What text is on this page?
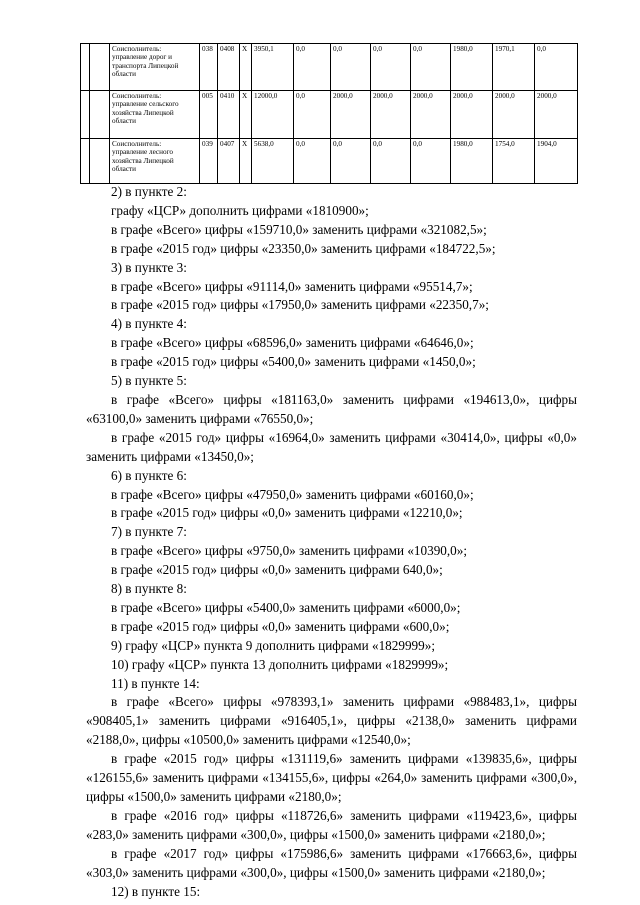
		Соисполнитель: управление дорог и транспорта Липецкой области	038	0408	X	3950,1	0,0	0,0	0,0	0,0	1980,0	1970,1	0,0
		Соисполнитель: управление сельского хозяйства Липецкой области	005	0410	X	12000,0	0,0	2000,0	2000,0	2000,0	2000,0	2000,0	2000,0
		Соисполнитель: управление лесного хозяйства Липецкой области	039	0407	X	5638,0	0,0	0,0	0,0	0,0	1980,0	1754,0	1904,0

2) в пункте 2:

графу «ЦСР» дополнить цифрами «1810900»;

в графе «Всего» цифры «159710,0» заменить цифрами «321082,5»;

в графе «2015 год» цифры «23350,0» заменить цифрами «184722,5»;

3) в пункте 3:

в графе «Всего» цифры «91114,0» заменить цифрами «95514,7»;

в графе «2015 год» цифры «17950,0» заменить цифрами «22350,7»;

4) в пункте 4:

в графе «Всего» цифры «68596,0» заменить цифрами «64646,0»;

в графе «2015 год» цифры «5400,0» заменить цифрами «1450,0»;

5) в пункте 5:

в графе «Всего» цифры «181163,0» заменить цифрами «194613,0», цифры «63100,0» заменить цифрами «76550,0»;

в графе «2015 год» цифры «16964,0» заменить цифрами «30414,0», цифры «0,0» заменить цифрами «13450,0»;

6) в пункте 6:

в графе «Всего» цифры «47950,0» заменить цифрами «60160,0»;

в графе «2015 год» цифры «0,0» заменить цифрами «12210,0»;

7) в пункте 7:

в графе «Всего» цифры «9750,0» заменить цифрами «10390,0»;

в графе «2015 год» цифры «0,0» заменить цифрами 640,0»;

8) в пункте 8:

в графе «Всего» цифры «5400,0» заменить цифрами «6000,0»;

в графе «2015 год» цифры «0,0» заменить цифрами «600,0»;

9) графу «ЦСР» пункта 9 дополнить цифрами «1829999»;

10) графу «ЦСР» пункта 13 дополнить цифрами «1829999»;

11) в пункте 14:

в графе «Всего» цифры «978393,1» заменить цифрами «988483,1», цифры «908405,1» заменить цифрами «916405,1», цифры «2138,0» заменить цифрами «2188,0», цифры «10500,0» заменить цифрами «12540,0»;

в графе «2015 год» цифры «131119,6» заменить цифрами «139835,6», цифры «126155,6» заменить цифрами «134155,6», цифры «264,0» заменить цифрами «300,0», цифры «1500,0» заменить цифрами «2180,0»;

в графе «2016 год» цифры «118726,6» заменить цифрами «119423,6», цифры «283,0» заменить цифрами «300,0», цифры «1500,0» заменить цифрами «2180,0»;

в графе «2017 год» цифры «175986,6» заменить цифрами «176663,6», цифры «303,0» заменить цифрами «300,0», цифры «1500,0» заменить цифрами «2180,0»;

12) в пункте 15:
